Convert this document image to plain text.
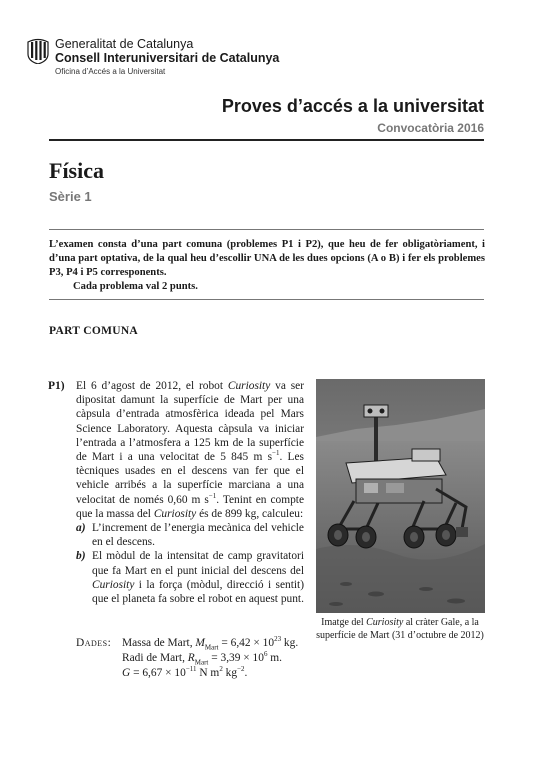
Generalitat de Catalunya
Consell Interuniversitari de Catalunya
Oficina d’Accés a la Universitat
Proves d’accés a la universitat
Convocatòria 2016
Física
Sèrie 1

L’examen consta d’una part comuna (problemes P1 i P2), que heu de fer obligatòriament, i d’una part optativa, de la qual heu d’escollir UNA de les dues opcions (A o B) i fer els problemes P3, P4 i P5 corresponents.

Cada problema val 2 punts.

PART COMUNA
P1) El 6 d’agost de 2012, el robot Curiosity va ser dipositat damunt la superfície de Mart per una càpsula d’entrada atmosfèrica ideada pel Mars Science Laboratory. Aquesta càpsula va iniciar l’entrada a l’atmosfera a 125 km de la superfície de Mart i a una velocitat de 5 845 m $s^{-1}$. Les tècniques usades en el descens van fer que el vehicle arribés a la superfície marciana a una velocitat de només 0,60 m $s^{-1}$. Tenint en compte que la massa del Curiosity és de 899 kg, calculeu:

a) L’increment de l’energia mecànica del vehicle en el descens.

b) El mòdul de la intensitat de camp gravitatori que fa Mart en el punt inicial del descens del Curiosity i la força (mòdul, direcció i sentit) que el planeta fa sobre el robot en aquest punt.

Dades: Massa de Mart, $M_{Mart} = 6,42 \times 10^{23}$ kg.
Radi de Mart, $R_{Mart} = 3,39 \times 10^6$ m.
$G = 6,67 \times 10^{-11}$ N $m^2$ $kg^{-2}$.

Imatge del Curiosity al cràter Gale, a la superfície de Mart (31 d’octubre de 2012)
